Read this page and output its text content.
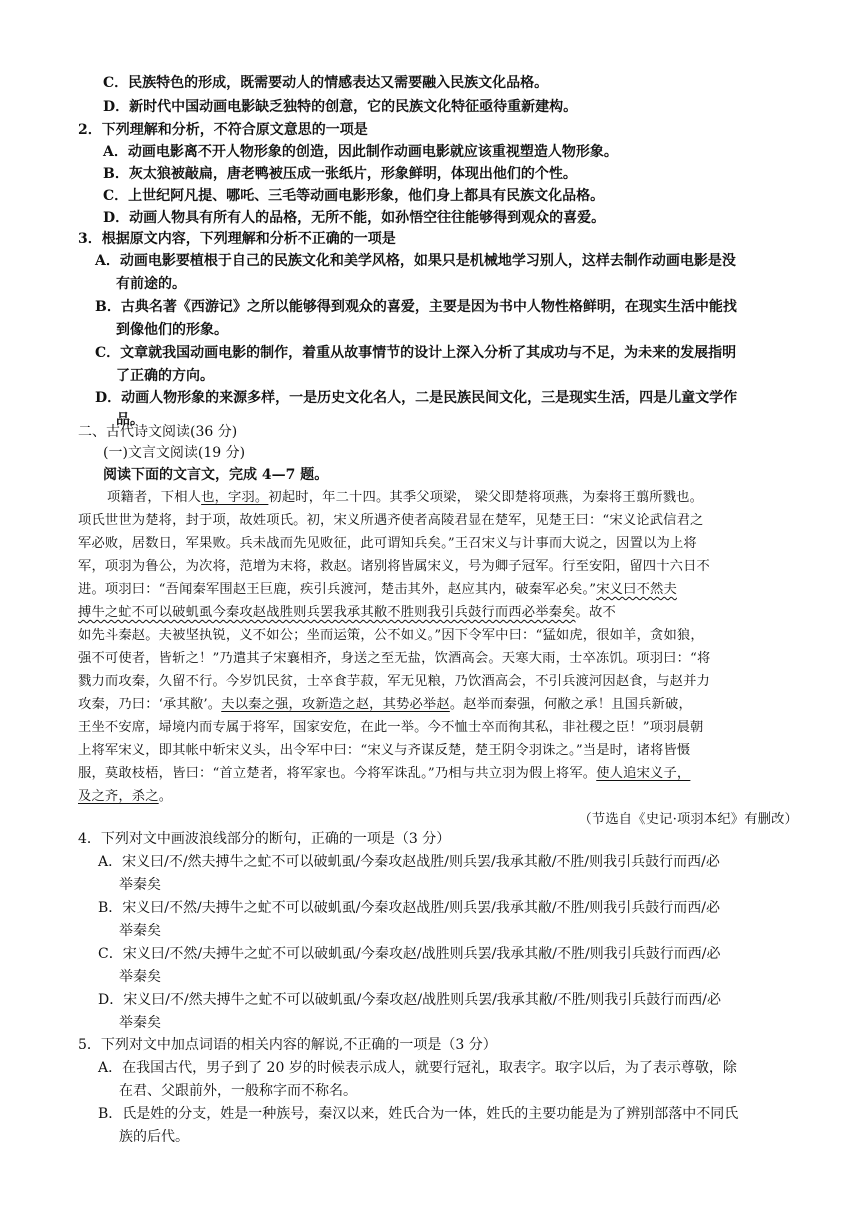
C．民族特色的形成，既需要动人的情感表达又需要融入民族文化品格。
D．新时代中国动画电影缺乏独特的创意，它的民族文化特征亟待重新建构。
2．下列理解和分析，不符合原文意思的一项是
A．动画电影离不开人物形象的创造，因此制作动画电影就应该重视塑造人物形象。
B．灰太狼被敲扁，唐老鸭被压成一张纸片，形象鲜明，体现出他们的个性。
C．上世纪阿凡提、哪吒、三毛等动画电影形象，他们身上都具有民族文化品格。
D．动画人物具有所有人的品格，无所不能，如孙悟空往往能够得到观众的喜爱。
3．根据原文内容，下列理解和分析不正确的一项是
A．动画电影要植根于自己的民族文化和美学风格，如果只是机械地学习别人，这样去制作动画电影是没
有前途的。
B．古典名著《西游记》之所以能够得到观众的喜爱，主要是因为书中人物性格鲜明，在现实生活中能找
到像他们的形象。
C．文章就我国动画电影的制作，着重从故事情节的设计上深入分析了其成功与不足，为未来的发展指明
了正确的方向。
D．动画人物形象的来源多样，一是历史文化名人，二是民族民间文化，三是现实生活，四是儿童文学作
品。
二、古代诗文阅读(36 分)
(一)文言文阅读(19 分)
阅读下面的文言文，完成 4—7 题。
项籍者，下相人也，字羽。初起时，年二十四。其季父项梁， 梁父即楚将项燕，为秦将王翦所戮也。
项氏世世为楚将，封于项，故姓项氏。初，宋义所遇齐使者高陵君显在楚军，见楚王曰：“宋义论武信君之
军必败，居数日，军果败。兵未战而先见败征，此可谓知兵矣。”王召宋义与计事而大说之，因置以为上将
军，项羽为鲁公，为次将，范增为末将，救赵。诸别将皆属宋义，号为卿子冠军。行至安阳，留四十六日不
进。项羽曰：“吾闻秦军围赵王巨鹿，疾引兵渡河，楚击其外，赵应其内，破秦军必矣。”宋义曰不然夫
搏牛之虻不可以破虮虱今秦攻赵战胜则兵罢我承其敝不胜则我引兵鼓行而西必举秦矣。故不
如先斗秦赵。夫被坚执锐，义不如公；坐而运策，公不如义。”因下令军中曰：“猛如虎，很如羊，贪如狼，
强不可使者，皆斩之！”乃遣其子宋襄相齐，身送之至无盐，饮酒高会。天寒大雨，士卒冻饥。项羽曰：“将
戮力而攻秦，久留不行。今岁饥民贫，士卒食芋菽，军无见粮，乃饮酒高会，不引兵渡河因赵食，与赵并力
攻秦，乃曰：‘承其敝’。夫以秦之强，攻新造之赵，其势必举赵。赵举而秦强，何敝之承！且国兵新破，
王坐不安席，埽境内而专属于将军，国家安危，在此一举。今不恤士卒而徇其私，非社稷之臣！”项羽晨朝
上将军宋义，即其帐中斩宋义头，出令军中曰：“宋义与齐谋反楚，楚王阴令羽诛之。”当是时，诸将皆慑
服，莫敢枝梧，皆曰：“首立楚者，将军家也。今将军诛乱。”乃相与共立羽为假上将军。使人追宋义子，
及之齐，杀之。
（节选自《史记·项羽本纪》有删改）
4．下列对文中画波浪线部分的断句，正确的一项是（3 分）
A．宋义曰/不/然夫搏牛之虻不可以破虮虱/今秦攻赵战胜/则兵罢/我承其敝/不胜/则我引兵鼓行而西/必
举秦矣
B．宋义曰/不然/夫搏牛之虻不可以破虮虱/今秦攻赵战胜/则兵罢/我承其敝/不胜/则我引兵鼓行而西/必
举秦矣
C．宋义曰/不然/夫搏牛之虻不可以破虮虱/今秦攻赵/战胜则兵罢/我承其敝/不胜/则我引兵鼓行而西/必
举秦矣
D．宋义曰/不/然夫搏牛之虻不可以破虮虱/今秦攻赵/战胜则兵罢/我承其敝/不胜/则我引兵鼓行而西/必
举秦矣
5．下列对文中加点词语的相关内容的解说,不正确的一项是（3 分）
A．在我国古代，男子到了 20 岁的时候表示成人，就要行冠礼，取表字。取字以后，为了表示尊敬，除
在君、父跟前外，一般称字而不称名。
B．氏是姓的分支，姓是一种族号，秦汉以来，姓氏合为一体，姓氏的主要功能是为了辨别部落中不同氏
族的后代。
